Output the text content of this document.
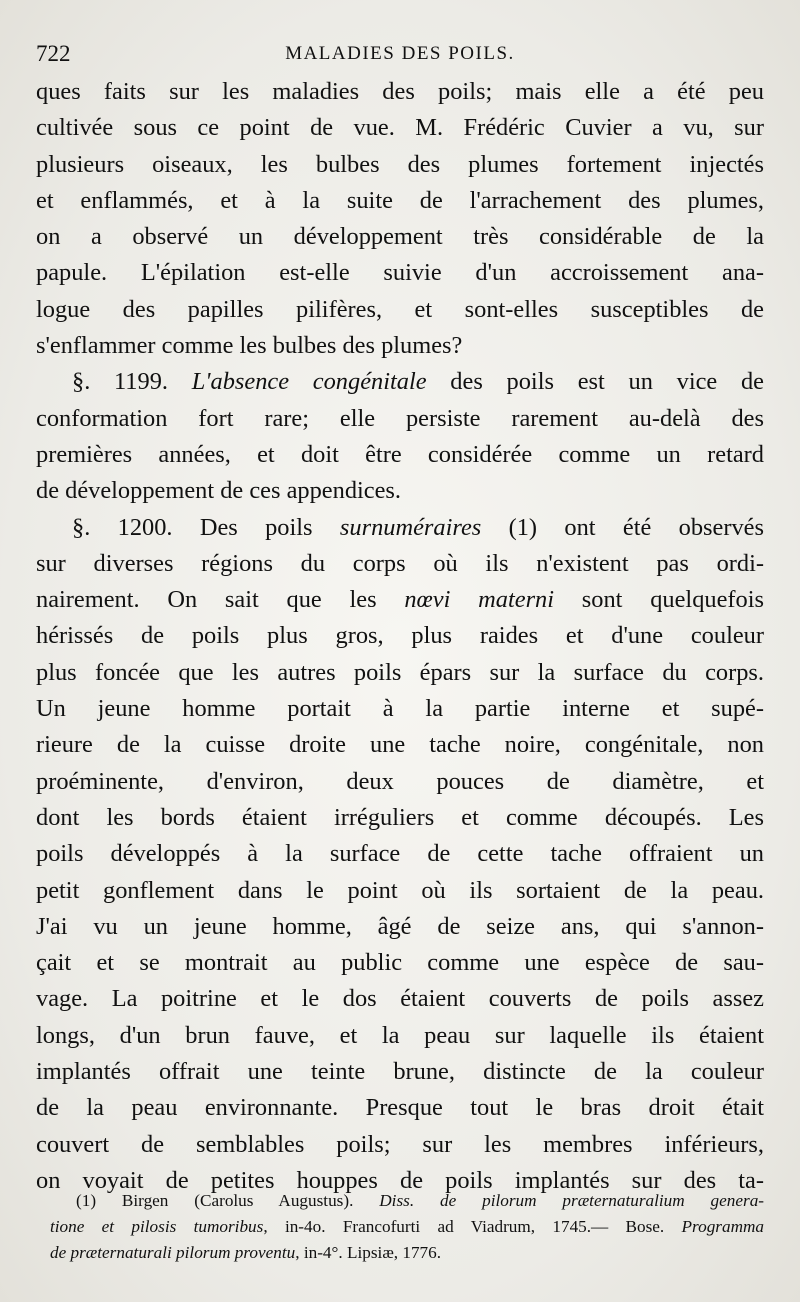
722	MALADIES DES POILS.
ques faits sur les maladies des poils; mais elle a été peu
cultivée sous ce point de vue. M. Frédéric Cuvier a vu, sur
plusieurs oiseaux, les bulbes des plumes fortement injectés
et enflammés, et à la suite de l'arrachement des plumes,
on a observé un développement très considérable de la
papule. L'épilation est-elle suivie d'un accroissement ana-
logue des papilles pilifères, et sont-elles susceptibles de
s'enflammer comme les bulbes des plumes?
§. 1199. L'absence congénitale des poils est un vice de
conformation fort rare; elle persiste rarement au-delà des
premières années, et doit être considérée comme un retard
de développement de ces appendices.
§. 1200. Des poils surnuméraires (1) ont été observés
sur diverses régions du corps où ils n'existent pas ordi-
nairement. On sait que les nœvi materni sont quelquefois
hérissés de poils plus gros, plus raides et d'une couleur
plus foncée que les autres poils épars sur la surface du corps.
Un jeune homme portait à la partie interne et supé-
rieure de la cuisse droite une tache noire, congénitale, non
proéminente, d'environ, deux pouces de diamètre, et
dont les bords étaient irréguliers et comme découpés. Les
poils développés à la surface de cette tache offraient un
petit gonflement dans le point où ils sortaient de la peau.
J'ai vu un jeune homme, âgé de seize ans, qui s'annon-
çait et se montrait au public comme une espèce de sau-
vage. La poitrine et le dos étaient couverts de poils assez
longs, d'un brun fauve, et la peau sur laquelle ils étaient
implantés offrait une teinte brune, distincte de la couleur
de la peau environnante. Presque tout le bras droit était
couvert de semblables poils; sur les membres inférieurs,
on voyait de petites houppes de poils implantés sur des ta-
(1) Birgen (Carolus Augustus). Diss. de pilorum præternaturalium genera-
tione et pilosis tumoribus, in-4o. Francofurti ad Viadrum, 1745.— Bose. Programma
de præternaturali pilorum proventu, in-4°. Lipsiæ, 1776.
